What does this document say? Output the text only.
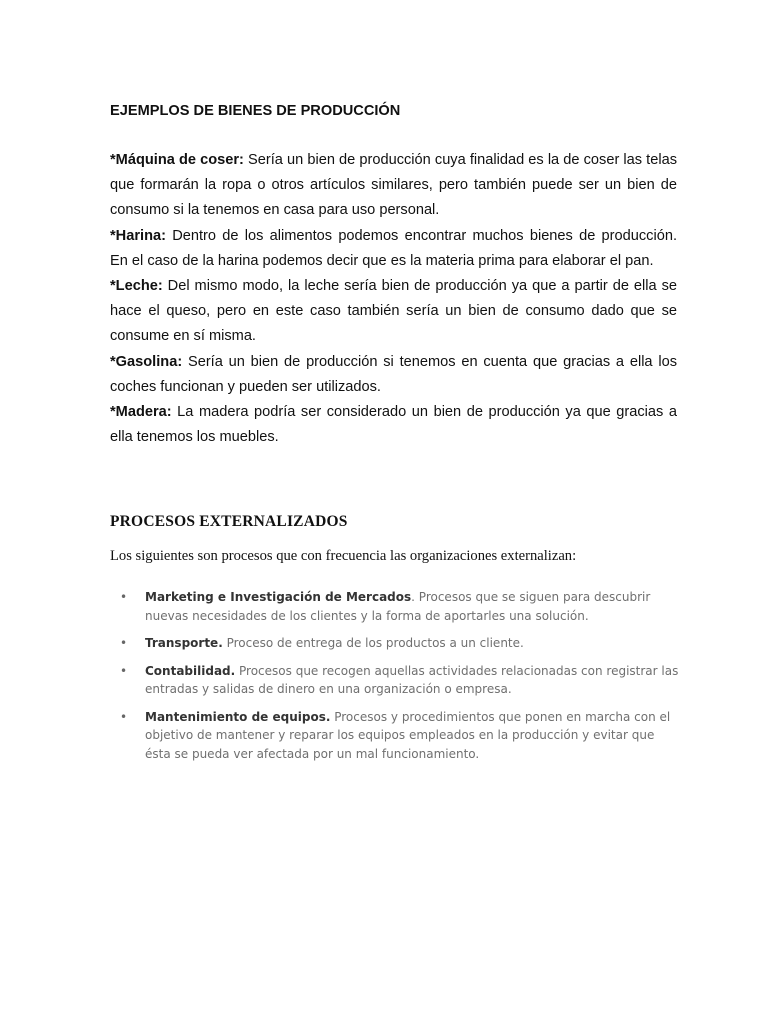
EJEMPLOS DE BIENES DE PRODUCCIÓN

*Máquina de coser: Sería un bien de producción cuya finalidad es la de coser las telas que formarán la ropa o otros artículos similares, pero también puede ser un bien de consumo si la tenemos en casa para uso personal.

*Harina: Dentro de los alimentos podemos encontrar muchos bienes de producción. En el caso de la harina podemos decir que es la materia prima para elaborar el pan.

*Leche: Del mismo modo, la leche sería bien de producción ya que a partir de ella se hace el queso, pero en este caso también sería un bien de consumo dado que se consume en sí misma.

*Gasolina: Sería un bien de producción si tenemos en cuenta que gracias a ella los coches funcionan y pueden ser utilizados.

*Madera: La madera podría ser considerado un bien de producción ya que gracias a ella tenemos los muebles.

PROCESOS EXTERNALIZADOS

Los siguientes son procesos que con frecuencia las organizaciones externalizan:

• Marketing e Investigación de Mercados. Procesos que se siguen para descubrir nuevas necesidades de los clientes y la forma de aportarles una solución.
• Transporte. Proceso de entrega de los productos a un cliente.
• Contabilidad. Procesos que recogen aquellas actividades relacionadas con registrar las entradas y salidas de dinero en una organización o empresa.
• Mantenimiento de equipos. Procesos y procedimientos que ponen en marcha con el objetivo de mantener y reparar los equipos empleados en la producción y evitar que ésta se pueda ver afectada por un mal funcionamiento.
